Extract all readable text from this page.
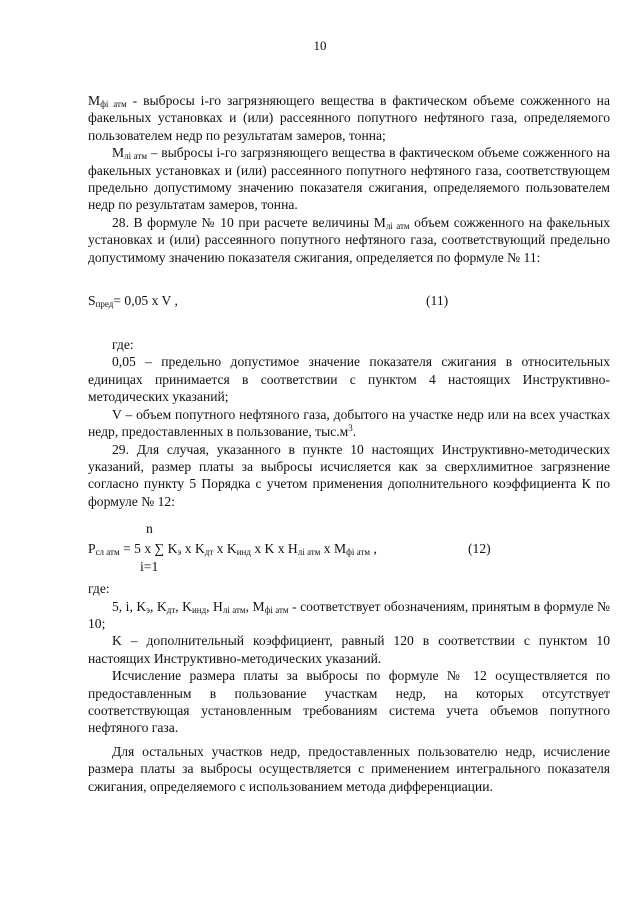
10

$M_{фi атм}$ - выбросы i-го загрязняющего вещества в фактическом объеме сожженного на факельных установках и (или) рассеянного попутного нефтяного газа, определяемого пользователем недр по результатам замеров, тонна;

$M_{лi атм}$ – выбросы i-го загрязняющего вещества в фактическом объеме сожженного на факельных установках и (или) рассеянного попутного нефтяного газа, соответствующем предельно допустимому значению показателя сжигания, определяемого пользователем недр по результатам замеров, тонна.

28. В формуле № 10 при расчете величины $M_{лi атм}$ объем сожженного на факельных установках и (или) рассеянного попутного нефтяного газа, соответствующий предельно допустимому значению показателя сжигания, определяется по формуле № 11:

$S_{пред}= 0,05$ x V ,	(11)

где:

0,05 – предельно допустимое значение показателя сжигания в относительных единицах принимается в соответствии с пунктом 4 настоящих Инструктивно-методических указаний;

V – объем попутного нефтяного газа, добытого на участке недр или на всех участках недр, предоставленных в пользование, $тыс.м^3$.

29. Для случая, указанного в пункте 10 настоящих Инструктивно-методических указаний, размер платы за выбросы исчисляется как за сверхлимитное загрязнение согласно пункту 5 Порядка с учетом применения дополнительного коэффициента К по формуле № 12:

n
$P_{сл атм} = 5$ x ∑ $K_э$ x $K_{дт}$ x $K_{инд}$ x K x $H_{лi атм}$ x $M_{фi атм}$ ,
i=1
(12)

где:

5, i, $K_э$, $K_{дт}$, $K_{инд}$, $H_{лi атм}$, $M_{фi атм}$ - соответствует обозначениям, принятым в формуле № 10;

K – дополнительный коэффициент, равный 120 в соответствии с пунктом 10 настоящих Инструктивно-методических указаний.

Исчисление размера платы за выбросы по формуле № 12 осуществляется по предоставленным в пользование участкам недр, на которых отсутствует соответствующая установленным требованиям система учета объемов попутного нефтяного газа.

Для остальных участков недр, предоставленных пользователю недр, исчисление размера платы за выбросы осуществляется с применением интегрального показателя сжигания, определяемого с использованием метода дифференциации.
